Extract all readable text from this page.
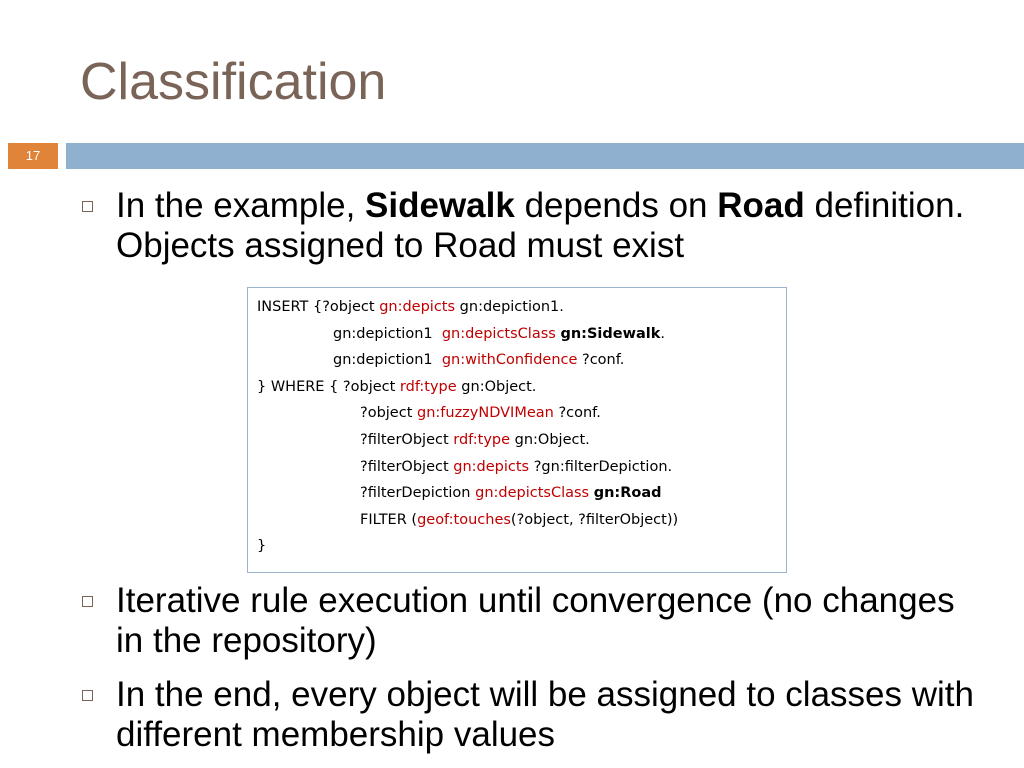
Classification
17
In the example, Sidewalk depends on Road definition. Objects assigned to Road must exist
INSERT {?object gn:depicts gn:depiction1.
gn:depiction1  gn:depictsClass gn:Sidewalk.
gn:depiction1  gn:withConfidence ?conf.
} WHERE { ?object rdf:type gn:Object.
?object gn:fuzzyNDVIMean ?conf.
?filterObject rdf:type gn:Object.
?filterObject gn:depicts ?gn:filterDepiction.
?filterDepiction gn:depictsClass gn:Road
FILTER (geof:touches(?object, ?filterObject))
}
Iterative rule execution until convergence (no changes in the repository)
In the end, every object will be assigned to classes with different membership values
